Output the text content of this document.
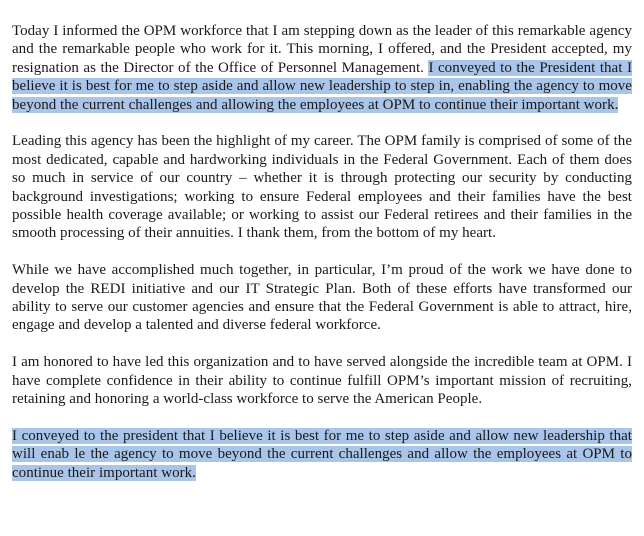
Today I informed the OPM workforce that I am stepping down as the leader of this remarkable agency and the remarkable people who work for it. This morning, I offered, and the President accepted, my resignation as the Director of the Office of Personnel Management. I conveyed to the President that I believe it is best for me to step aside and allow new leadership to step in, enabling the agency to move beyond the current challenges and allowing the employees at OPM to continue their important work.

Leading this agency has been the highlight of my career. The OPM family is comprised of some of the most dedicated, capable and hardworking individuals in the Federal Government. Each of them does so much in service of our country – whether it is through protecting our security by conducting background investigations; working to ensure Federal employees and their families have the best possible health coverage available; or working to assist our Federal retirees and their families in the smooth processing of their annuities. I thank them, from the bottom of my heart.

While we have accomplished much together, in particular, I’m proud of the work we have done to develop the REDI initiative and our IT Strategic Plan. Both of these efforts have transformed our ability to serve our customer agencies and ensure that the Federal Government is able to attract, hire, engage and develop a talented and diverse federal workforce.

I am honored to have led this organization and to have served alongside the incredible team at OPM. I have complete confidence in their ability to continue fulfill OPM’s important mission of recruiting, retaining and honoring a world-class workforce to serve the American People.

I conveyed to the president that I believe it is best for me to step aside and allow new leadership that will enab le the agency to move beyond the current challenges and allow the employees at OPM to continue their important work.
